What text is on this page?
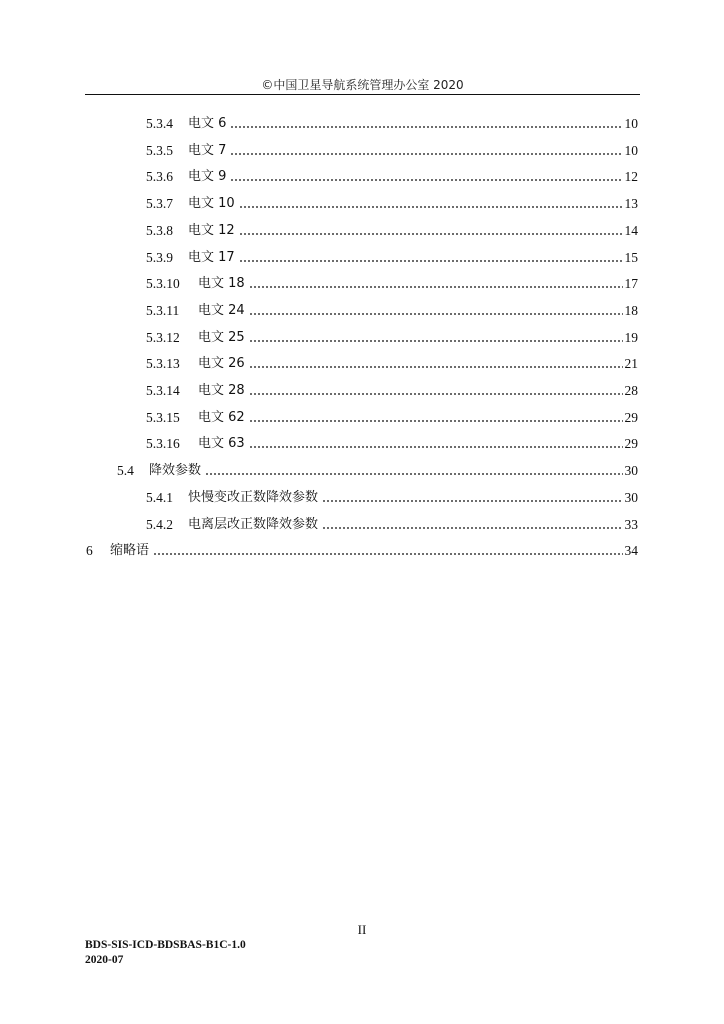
©中国卫星导航系统管理办公室 2020
5.3.4	电文 6	10
5.3.5	电文 7	10
5.3.6	电文 9	12
5.3.7	电文 10	13
5.3.8	电文 12	14
5.3.9	电文 17	15
5.3.10	电文 18	17
5.3.11	电文 24	18
5.3.12	电文 25	19
5.3.13	电文 26	21
5.3.14	电文 28	28
5.3.15	电文 62	29
5.3.16	电文 63	29
5.4	降效参数	30
5.4.1	快慢变改正数降效参数	30
5.4.2	电离层改正数降效参数	33
6	缩略语	34
II
BDS-SIS-ICD-BDSBAS-B1C-1.0
2020-07
